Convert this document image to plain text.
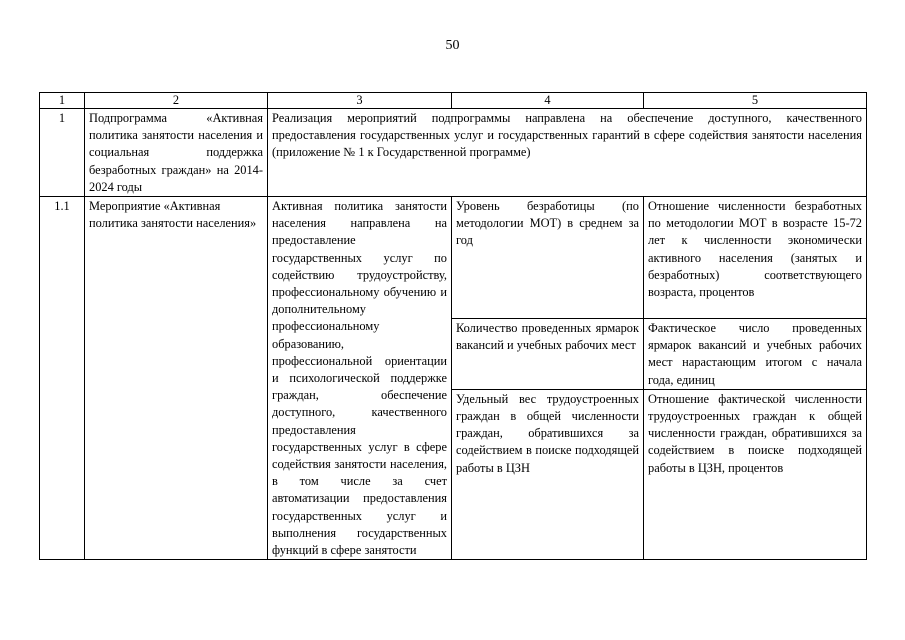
50
1	2	3	4	5
1	Подпрограмма «Активная политика занятости населения и социальная поддержка безработных граждан» на 2014-2024 годы	Реализация мероприятий подпрограммы направлена на обеспечение доступного, качественного предоставления государственных услуг и государственных гарантий в сфере содействия занятости населения (приложение № 1 к Государственной программе)		
1.1	Мероприятие «Активная политика занятости населения»	Активная политика занятости населения направлена на предоставление государственных услуг по содействию трудоустройству, профессиональному обучению и дополнительному профессиональному образованию, профессиональной ориентации и психологической поддержке граждан, обеспечение доступного, качественного предоставления государственных услуг в сфере содействия занятости населения, в том числе за счет автоматизации предоставления государственных услуг и выполнения государственных функций в сфере занятости	Уровень безработицы (по методологии МОТ) в среднем за год	Отношение численности безработных по методологии МОТ в возрасте 15-72 лет к численности экономически активного населения (занятых и безработных) соответствующего возраста, процентов
			Количество проведенных ярмарок вакансий и учебных рабочих мест	Фактическое число проведенных ярмарок вакансий и учебных рабочих мест нарастающим итогом с начала года, единиц
			Удельный вес трудоустроенных граждан в общей численности граждан, обратившихся за содействием в поиске подходящей работы в ЦЗН	Отношение фактической численности трудоустроенных граждан к общей численности граждан, обратившихся за содействием в поиске подходящей работы в ЦЗН, процентов
